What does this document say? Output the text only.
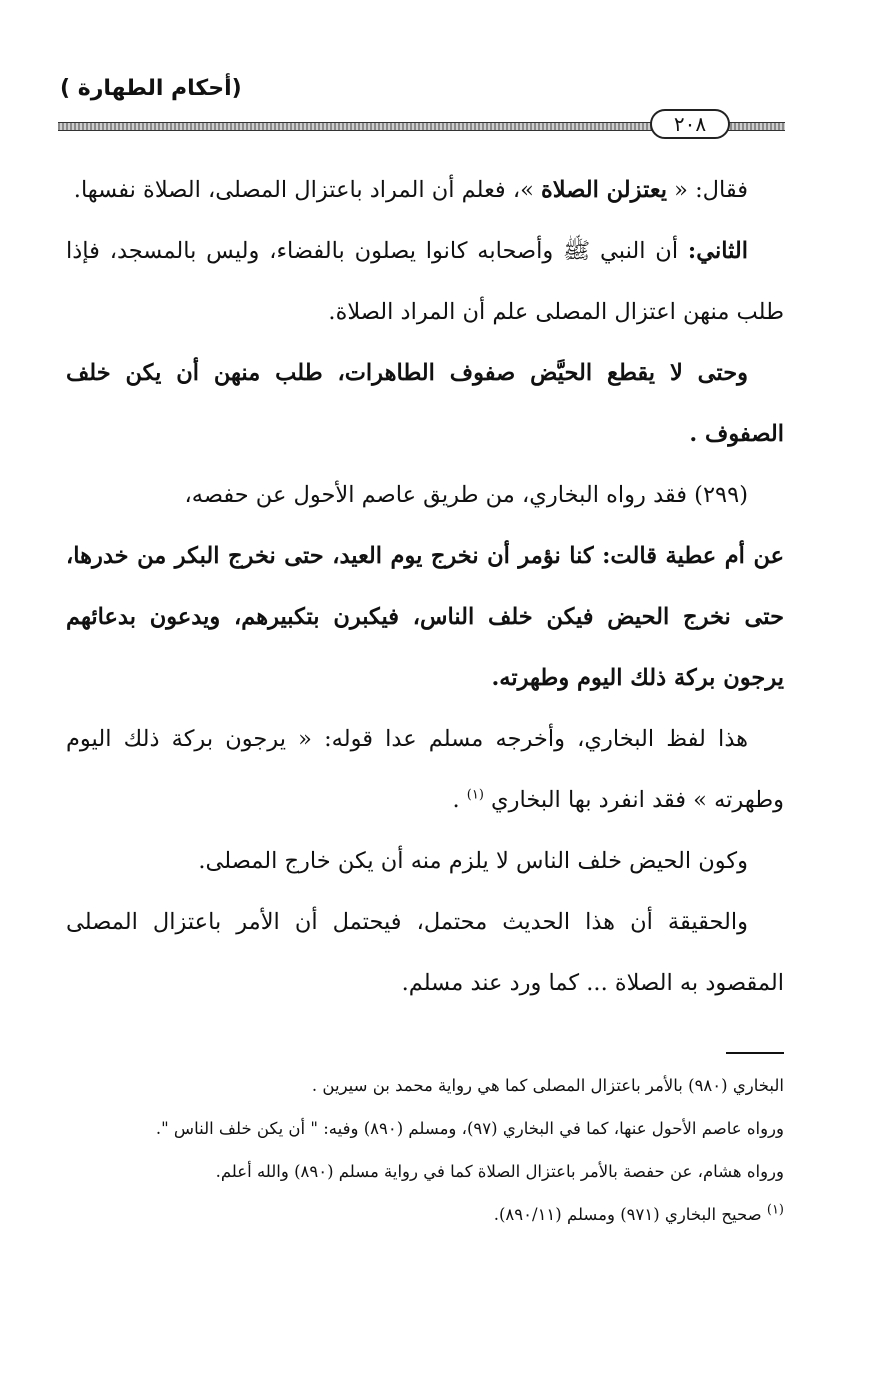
(أحكام الطهارة )
٢٠٨

فقال: « يعتزلن الصلاة »، فعلم أن المراد باعتزال المصلى، الصلاة نفسها.

الثاني: أن النبي ﷺ وأصحابه كانوا يصلون بالفضاء، وليس بالمسجد، فإذا طلب منهن اعتزال المصلى علم أن المراد الصلاة.

وحتى لا يقطع الحيَّض صفوف الطاهرات، طلب منهن أن يكن خلف الصفوف .

(٢٩٩) فقد رواه البخاري، من طريق عاصم الأحول عن حفصه،

عن أم عطية قالت: كنا نؤمر أن نخرج يوم العيد، حتى نخرج البكر من خدرها، حتى نخرج الحيض فيكن خلف الناس، فيكبرن بتكبيرهم، ويدعون بدعائهم يرجون بركة ذلك اليوم وطهرته.

هذا لفظ البخاري، وأخرجه مسلم عدا قوله: « يرجون بركة ذلك اليوم وطهرته » فقد انفرد بها البخاري $^{(١)}$ .

وكون الحيض خلف الناس لا يلزم منه أن يكن خارج المصلى.

والحقيقة أن هذا الحديث محتمل، فيحتمل أن الأمر باعتزال المصلى المقصود به الصلاة ... كما ورد عند مسلم.

البخاري (٩٨٠) بالأمر باعتزال المصلى كما هي رواية محمد بن سيرين .

ورواه عاصم الأحول عنها، كما في البخاري (٩٧)، ومسلم (٨٩٠) وفيه: " أن يكن خلف الناس ".

ورواه هشام، عن حفصة بالأمر باعتزال الصلاة كما في رواية مسلم (٨٩٠) والله أعلم.

$^{(١)}$ صحيح البخاري (٩٧١) ومسلم (٨٩٠/١١).
